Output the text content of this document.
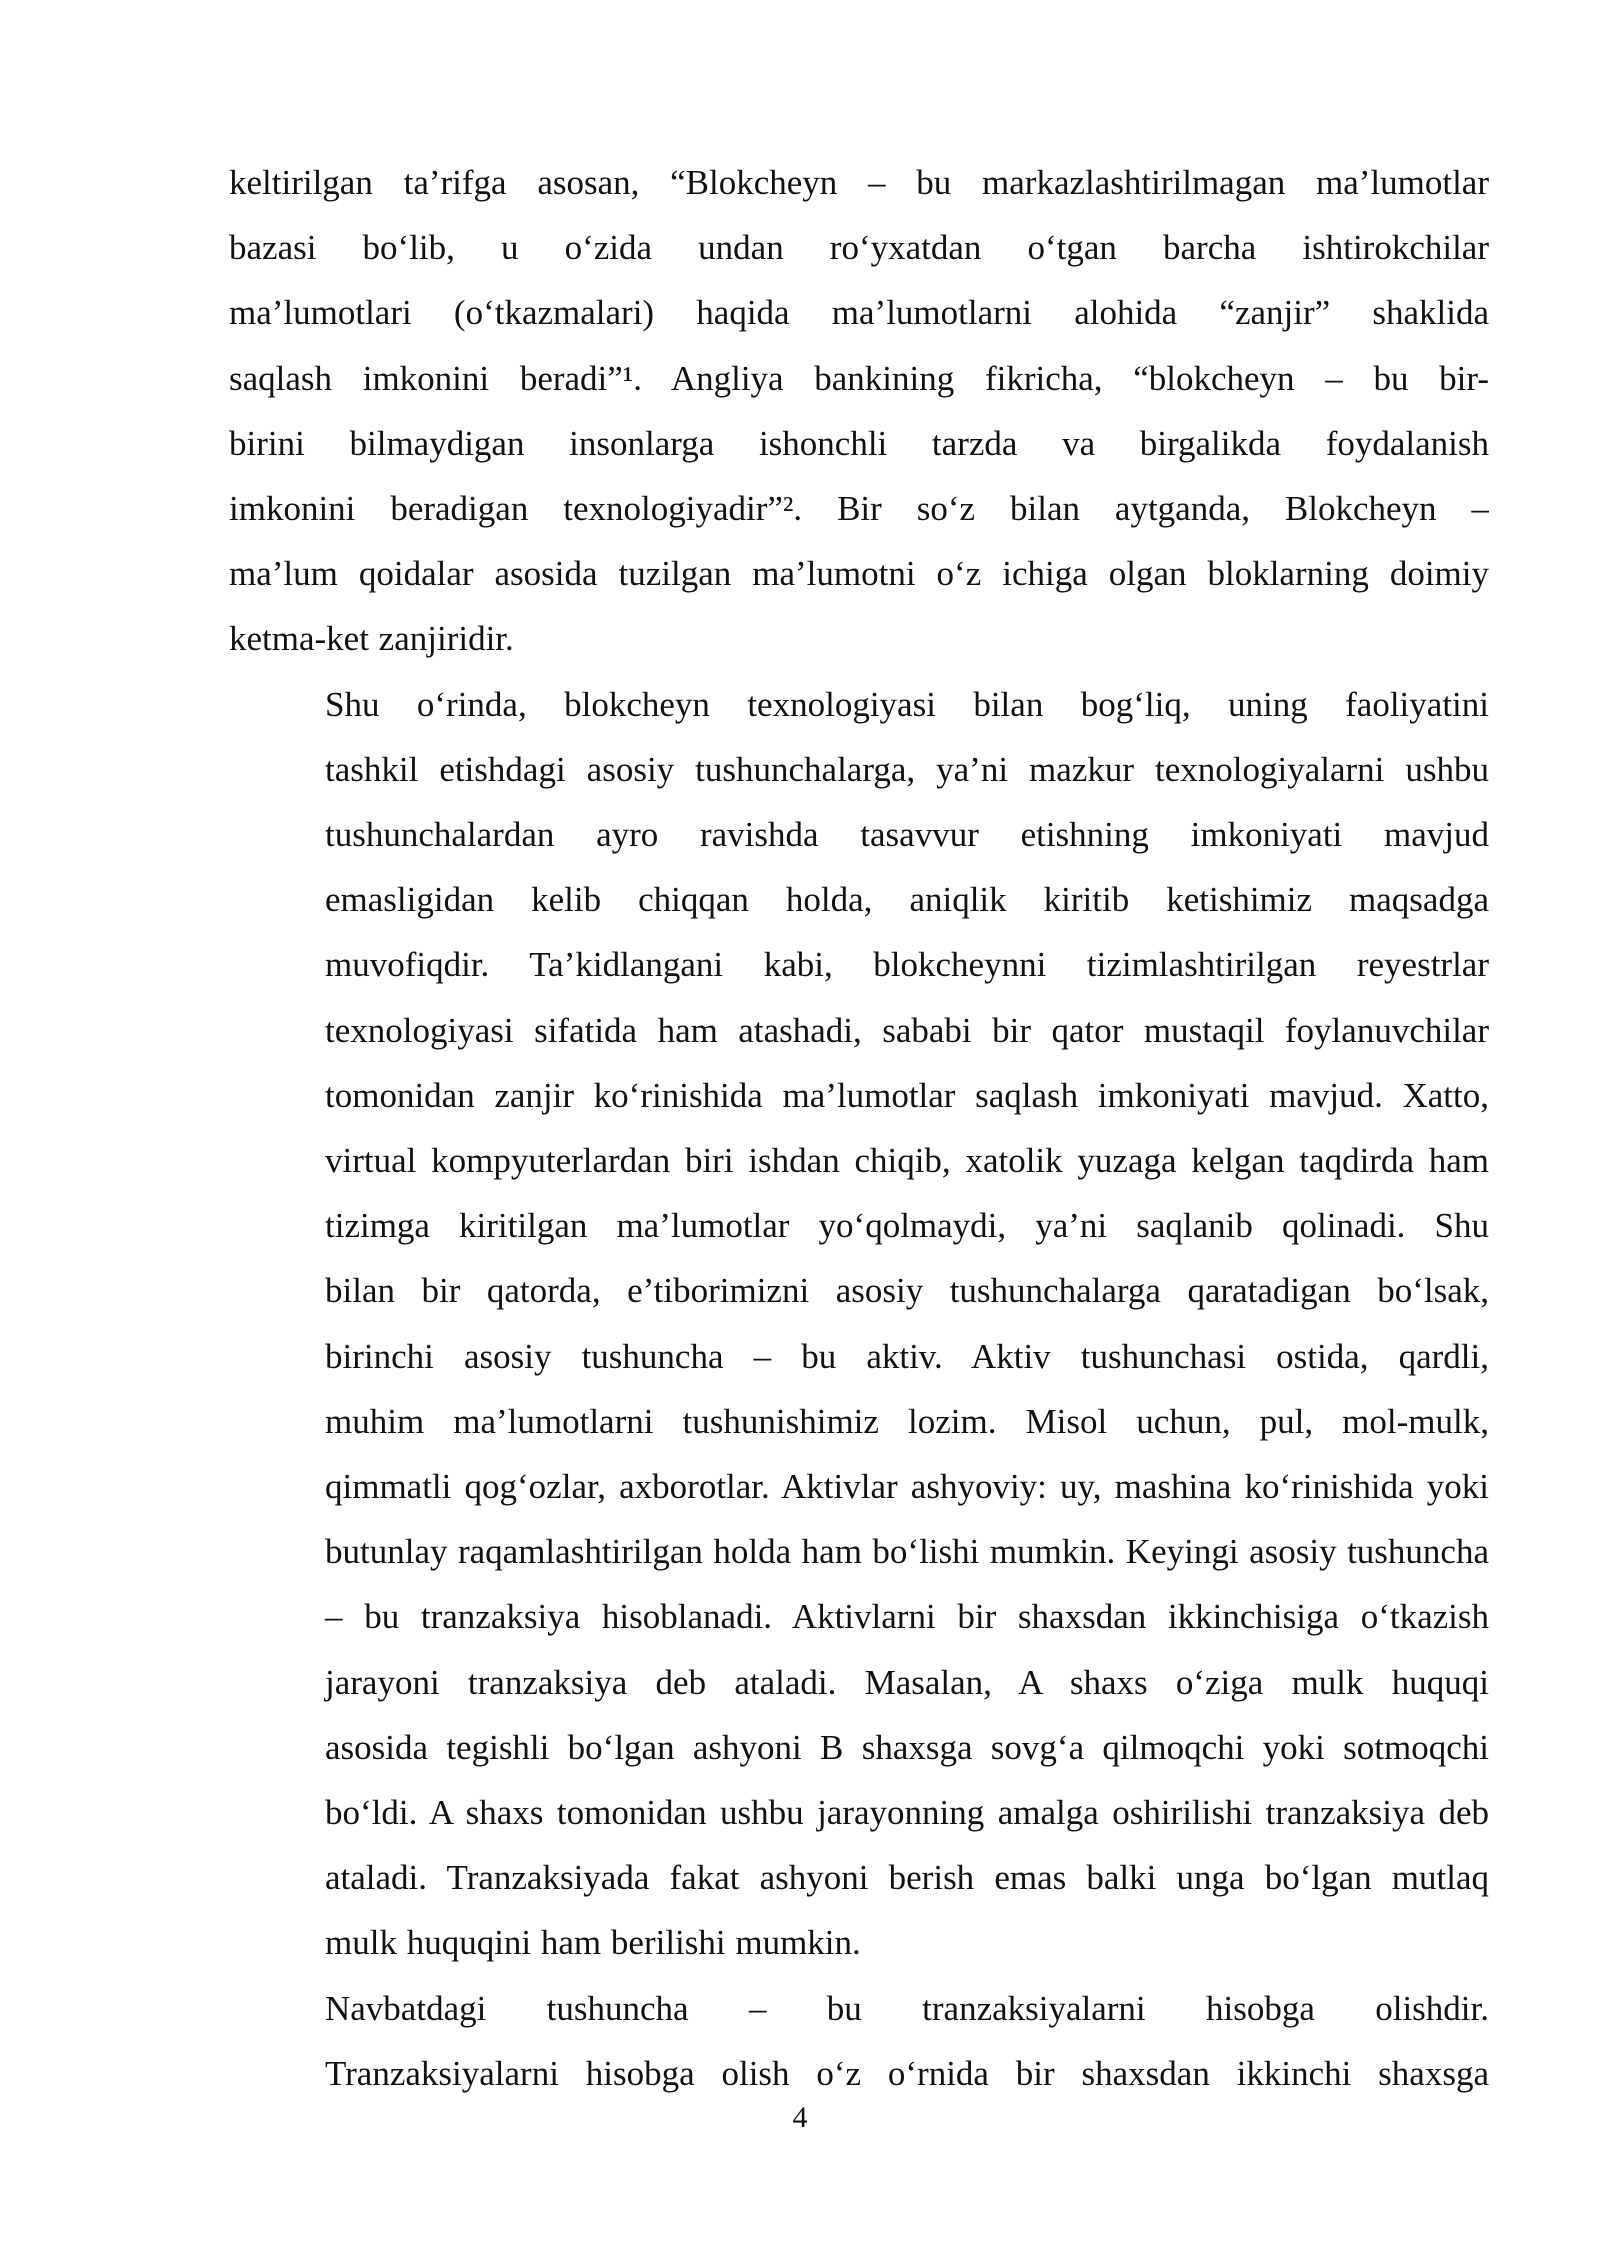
keltirilgan ta’rifga asosan, “Blokcheyn – bu markazlashtirilmagan ma’lumotlar
bazasi bo‘lib, u o‘zida undan ro‘yxatdan o‘tgan barcha ishtirokchilar
ma’lumotlari (o‘tkazmalari) haqida ma’lumotlarni alohida “zanjir” shaklida
saqlash imkonini beradi”¹. Angliya bankining fikricha, “blokcheyn – bu bir-
birini bilmaydigan insonlarga ishonchli tarzda va birgalikda foydalanish
imkonini beradigan texnologiyadir”². Bir so‘z bilan aytganda, Blokcheyn –
ma’lum qoidalar asosida tuzilgan ma’lumotni o‘z ichiga olgan bloklarning doimiy
ketma-ket zanjiridir.
Shu o‘rinda, blokcheyn texnologiyasi bilan bog‘liq, uning faoliyatini
tashkil etishdagi asosiy tushunchalarga, ya’ni mazkur texnologiyalarni ushbu
tushunchalardan ayro ravishda tasavvur etishning imkoniyati mavjud
emasligidan kelib chiqqan holda, aniqlik kiritib ketishimiz maqsadga
muvofiqdir. Ta’kidlangani kabi, blokcheynni tizimlashtirilgan reyestrlar
texnologiyasi sifatida ham atashadi, sababi bir qator mustaqil foylanuvchilar
tomonidan zanjir ko‘rinishida ma’lumotlar saqlash imkoniyati mavjud. Xatto,
virtual kompyuterlardan biri ishdan chiqib, xatolik yuzaga kelgan taqdirda ham
tizimga kiritilgan ma’lumotlar yo‘qolmaydi, ya’ni saqlanib qolinadi. Shu
bilan bir qatorda, e’tiborimizni asosiy tushunchalarga qaratadigan bo‘lsak,
birinchi asosiy tushuncha – bu aktiv. Aktiv tushunchasi ostida, qardli,
muhim ma’lumotlarni tushunishimiz lozim. Misol uchun, pul, mol-mulk,
qimmatli qog‘ozlar, axborotlar. Aktivlar ashyoviy: uy, mashina ko‘rinishida yoki
butunlay raqamlashtirilgan holda ham bo‘lishi mumkin. Keyingi asosiy tushuncha
– bu tranzaksiya hisoblanadi. Aktivlarni bir shaxsdan ikkinchisiga o‘tkazish
jarayoni tranzaksiya deb ataladi. Masalan, A shaxs o‘ziga mulk huquqi
asosida tegishli bo‘lgan ashyoni B shaxsga sovg‘a qilmoqchi yoki sotmoqchi
bo‘ldi. A shaxs tomonidan ushbu jarayonning amalga oshirilishi tranzaksiya deb
ataladi. Tranzaksiyada fakat ashyoni berish emas balki unga bo‘lgan mutlaq
mulk huquqini ham berilishi mumkin.
Navbatdagi tushuncha – bu tranzaksiyalarni hisobga olishdir.
Tranzaksiyalarni hisobga olish o‘z o‘rnida bir shaxsdan ikkinchi shaxsga
4
